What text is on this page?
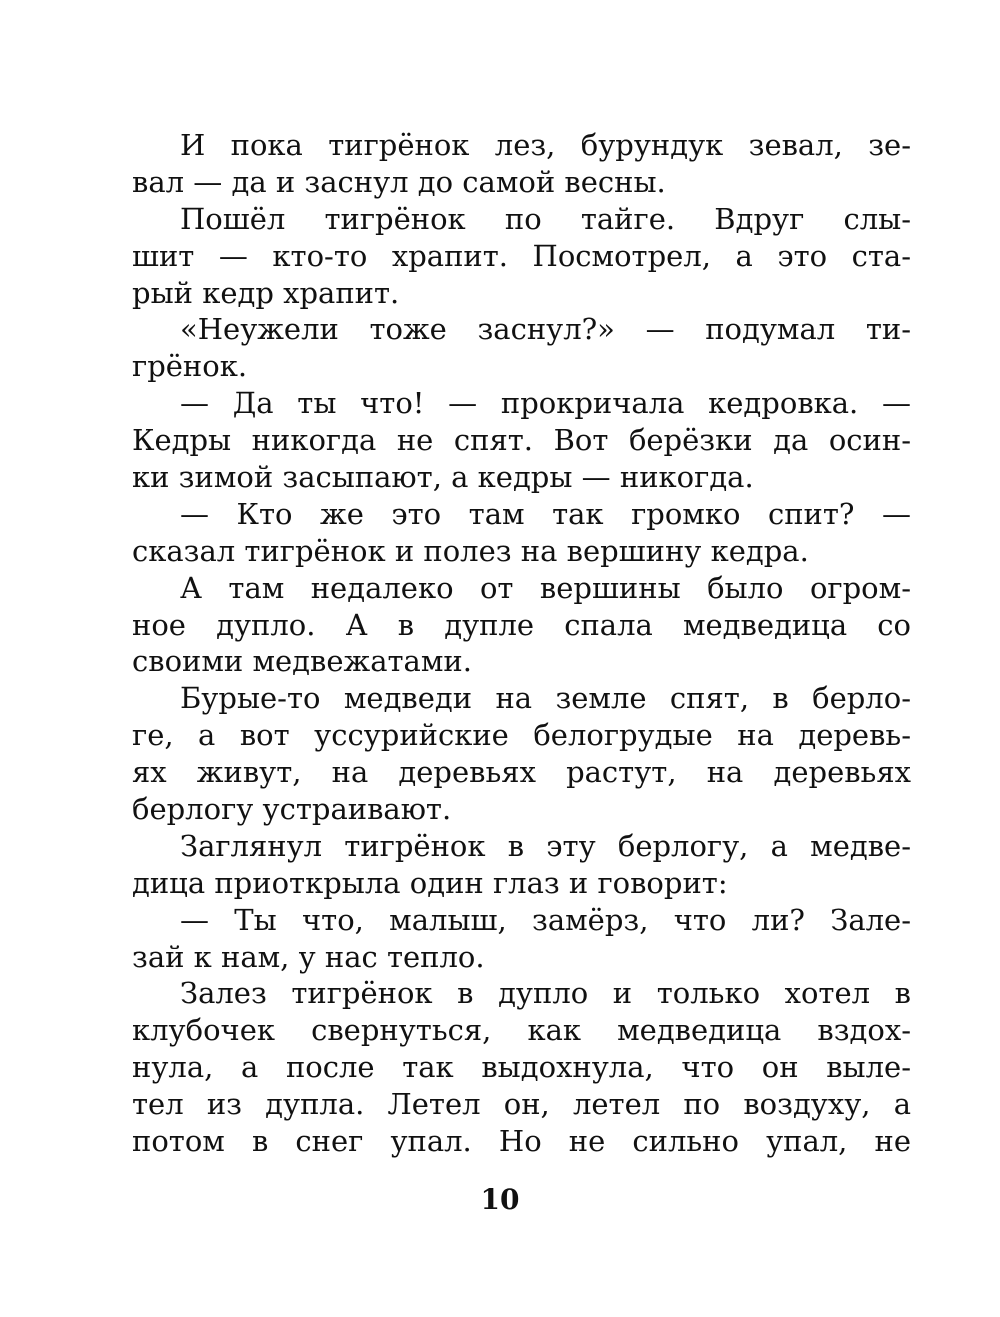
И пока тигрёнок лез, бурундук зевал, зе-
вал — да и заснул до самой весны.
Пошёл тигрёнок по тайге. Вдруг слы-
шит — кто-то храпит. Посмотрел, а это ста-
рый кедр храпит.
«Неужели тоже заснул?» — подумал ти-
грёнок.
— Да ты что! — прокричала кедровка. —
Кедры никогда не спят. Вот берёзки да осин-
ки зимой засыпают, а кедры — никогда.
— Кто же это там так громко спит? —
сказал тигрёнок и полез на вершину кедра.
А там недалеко от вершины было огром-
ное дупло. А в дупле спала медведица со
своими медвежатами.
Бурые-то медведи на земле спят, в берло-
ге, а вот уссурийские белогрудые на деревь-
ях живут, на деревьях растут, на деревьях
берлогу устраивают.
Заглянул тигрёнок в эту берлогу, а медве-
дица приоткрыла один глаз и говорит:
— Ты что, малыш, замёрз, что ли? Зале-
зай к нам, у нас тепло.
Залез тигрёнок в дупло и только хотел в
клубочек свернуться, как медведица вздох-
нула, а после так выдохнула, что он выле-
тел из дупла. Летел он, летел по воздуху, а
потом в снег упал. Но не сильно упал, не
10
